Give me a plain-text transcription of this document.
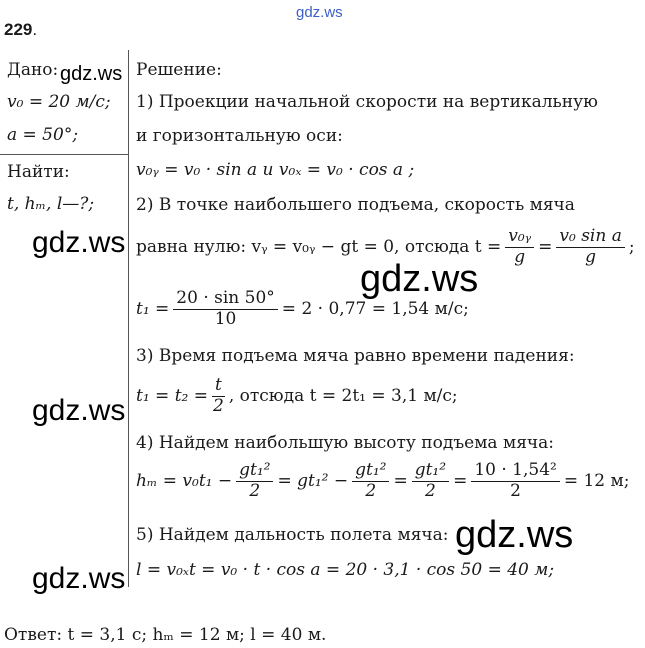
gdz.ws
229.
Дано: gdz.ws
v₀ = 20 м/с;
a = 50°;
Найти:
t, hₘ, l—?;
gdz.ws
gdz.ws
gdz.ws
Решение:
1) Проекции начальной скорости на вертикальную
и горизонтальную оси:
v₀ᵧ = v₀ · sin a и v₀ₓ = v₀ · cos a ;
2) В точке наибольшего подъема, скорость мяча
равна нулю: vᵧ = v₀ᵧ − gt = 0, отсюда $t = \frac{\text{v₀ᵧ}}{g} = \frac{\text{v₀ sin a}}{g}$ ;
gdz.ws
$t_1 = \frac{20 \cdot \sin 50^\circ}{10} = 2 \cdot 0,77 = 1,54$ м/с;
3) Время подъема мяча равно времени падения:
$t_1 = t_2 = \frac{t}{2}$ , отсюда t = 2t₁ = 3,1 м/с;
4) Найдем наибольшую высоту подъема мяча:
$h_m = v_0t_1 - \frac{\text{gt₁²}}{2} = gt_1^2 - \frac{\text{gt₁²}}{2} = \frac{\text{gt₁²}}{2} = \frac{\text{10 · 1,54²}}{2} = 12$ м;
5) Найдем дальность полета мяча: gdz.ws
l = v₀ₓt = v₀ · t · cos a = 20 · 3,1 · cos 50 = 40 м;
Ответ: t = 3,1 с; hₘ = 12 м; l = 40 м.
